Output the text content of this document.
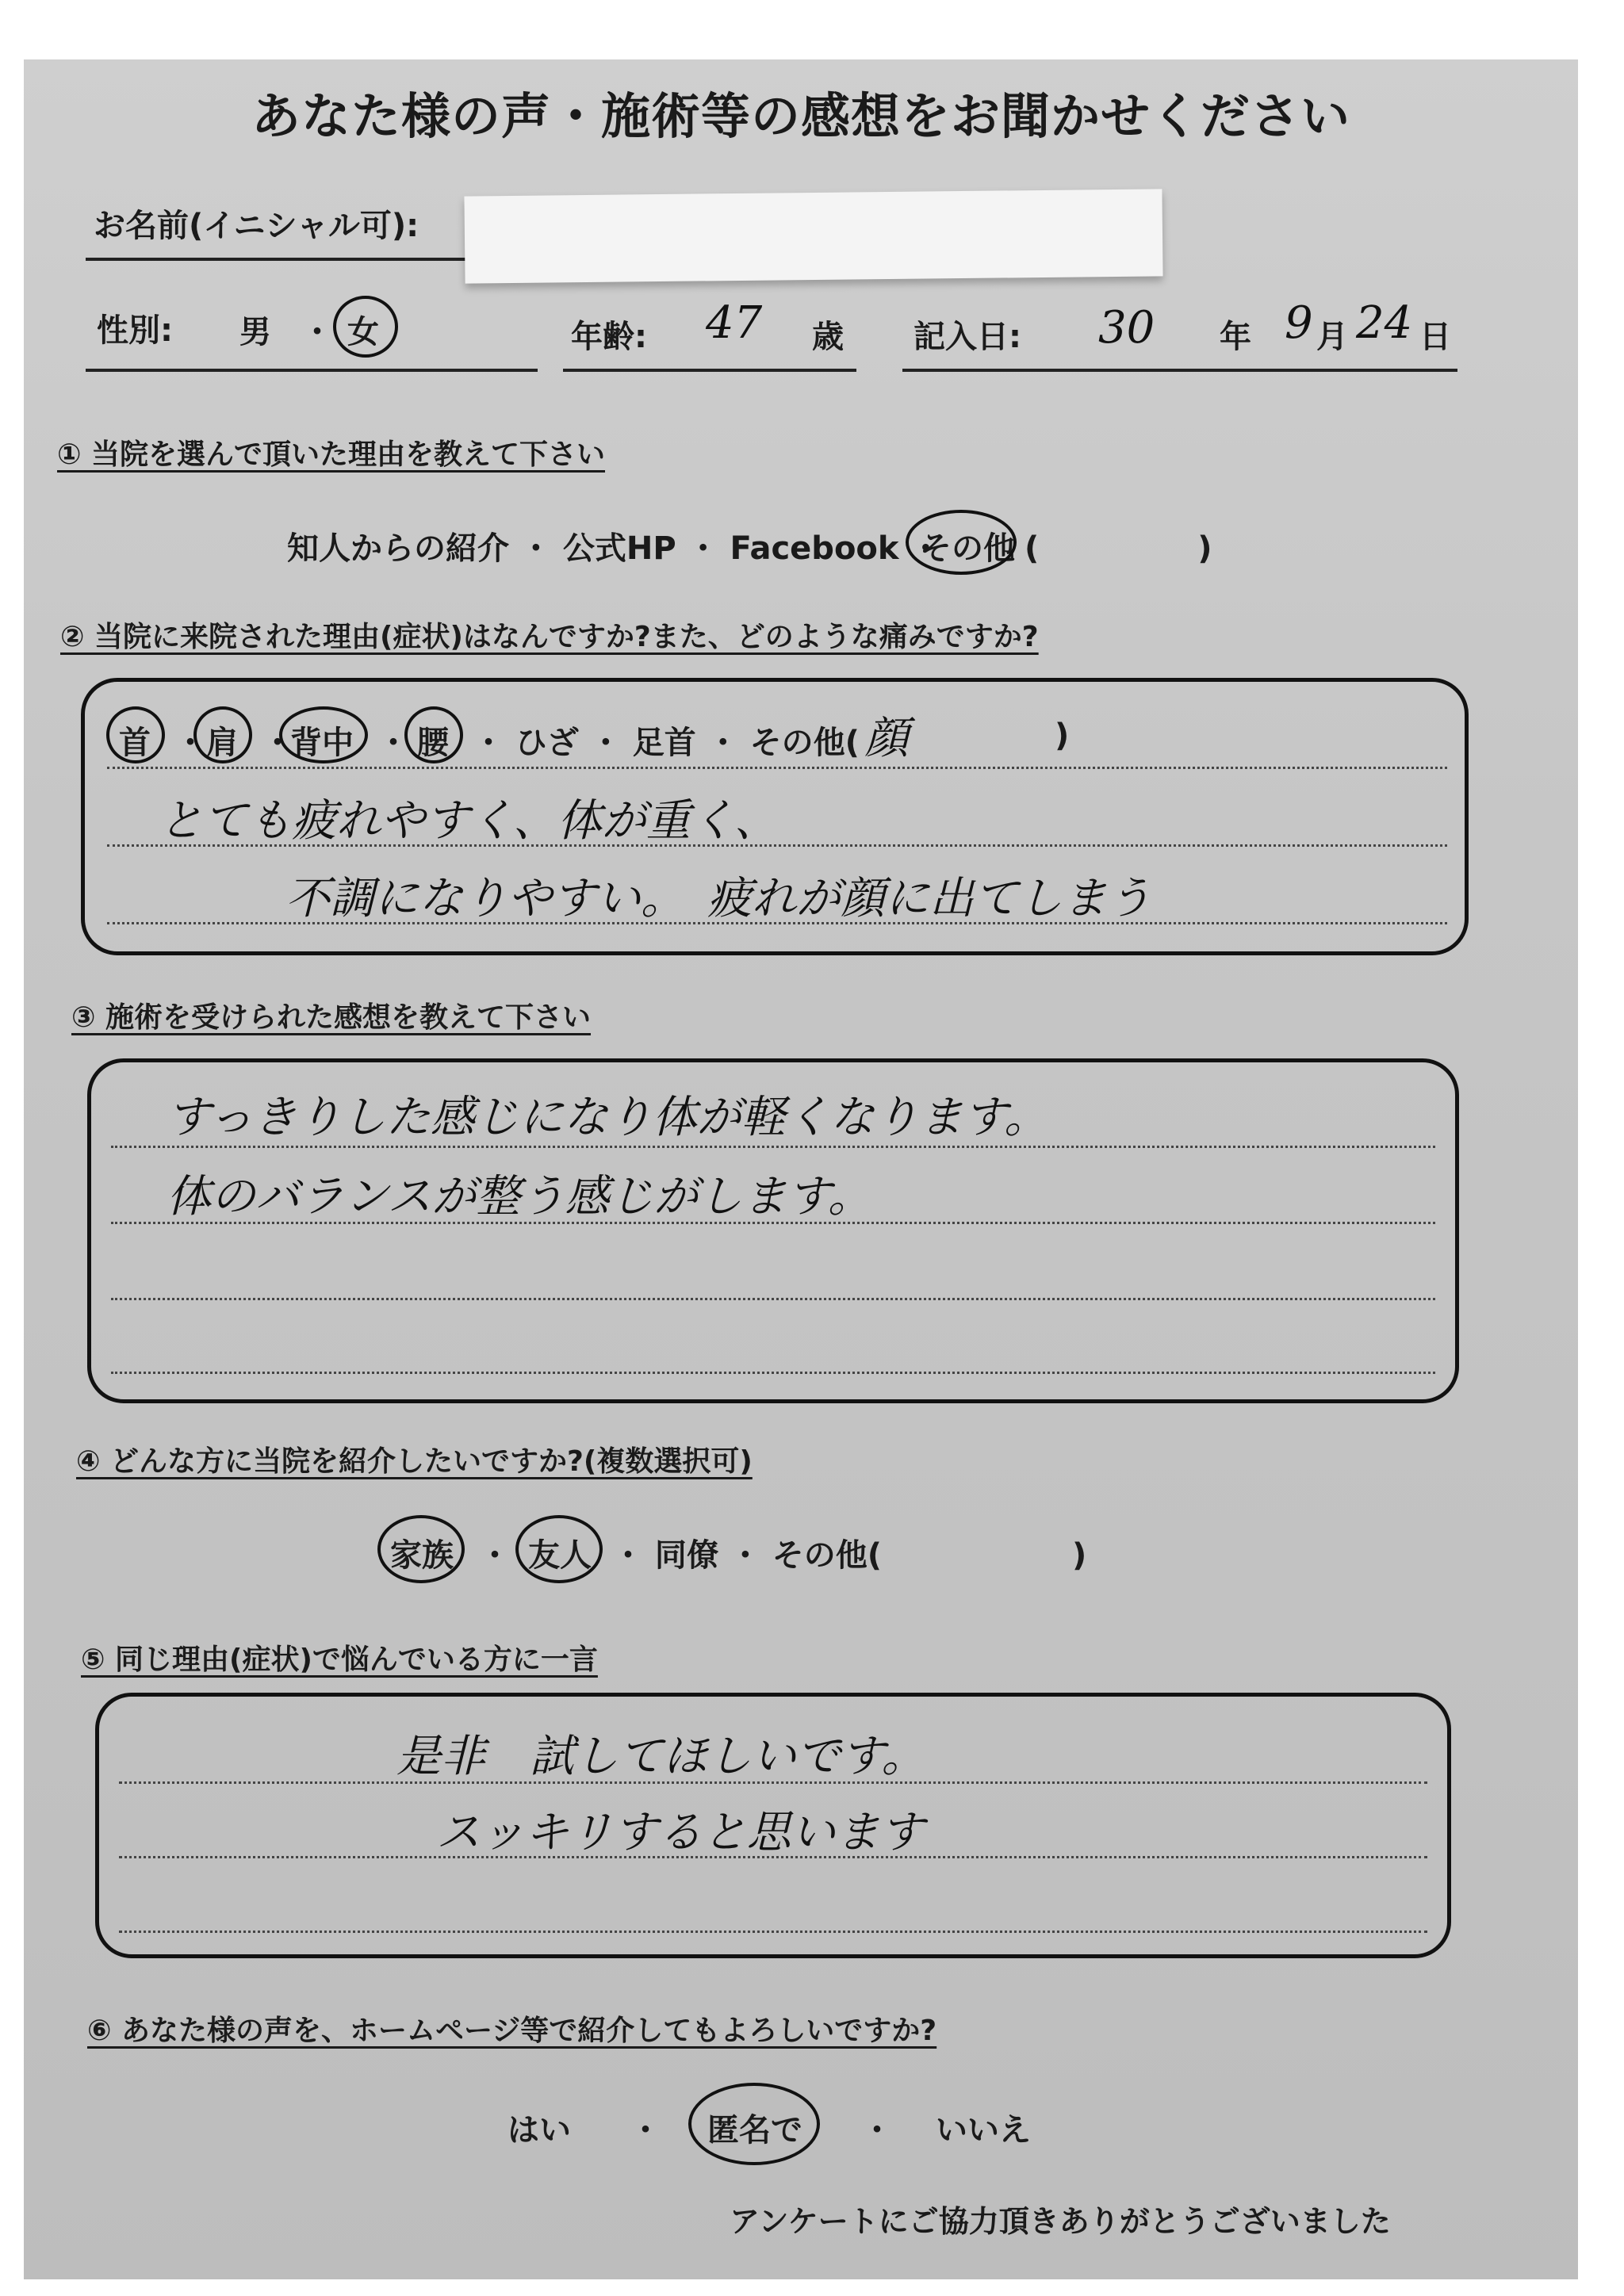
あなた様の声・施術等の感想をお聞かせください
お名前(イニシャル可):
性別: 男 ・ 女	年齢: 47 歳 記入日: 30 年 9 月 24 日
① 当院を選んで頂いた理由を教えて下さい
知人からの紹介 ・ 公式HP ・ Facebook ・
その他 (　　　　　)
② 当院に来院された理由(症状)はなんですか?また、どのような痛みですか?
首 ・ 肩 ・
背中 ・ 腰 ・ ひざ ・ 足首 ・ その他( 顔	)
とても疲れやすく、体が重く、
不調になりやすい。　疲れが顔に出てしまう
③ 施術を受けられた感想を教えて下さい
すっきりした感じになり体が軽くなります。
体のバランスが整う感じがします。
④ どんな方に当院を紹介したいですか?(複数選択可)
家族 ・ 友人 ・ 同僚 ・ その他(　　　　　　)
⑤ 同じ理由(症状)で悩んでいる方に一言
是非　試してほしいです。
スッキリすると思います
⑥ あなた様の声を、ホームページ等で紹介してもよろしいですか?
はい ・ 匿名で ・ いいえ
アンケートにご協力頂きありがとうございました
